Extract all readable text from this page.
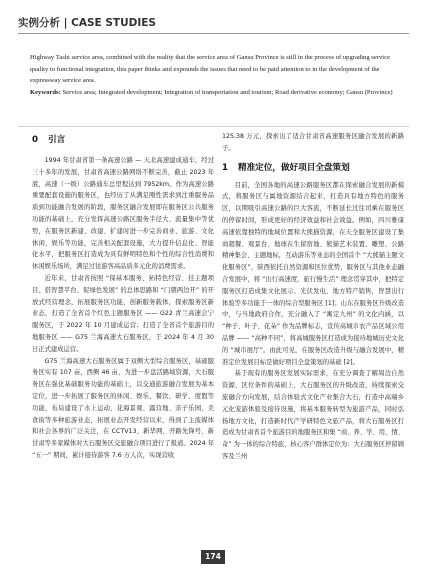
实例分析 | CASE STUDIES
Highway Tashi service area, combined with the reality that the service area of Gansu Province is still in the process of upgrading service quality to functional integration, this paper thinks and expounds the issues that need to be paid attention to in the development of the expressway service area.
Keywords: Service area; Integrated development; Integration of transportation and tourism; Road derivative economy; Gansu (Province)
0 引言

1994 年甘肃省第一条高速公路 — 天北高速建成通车，经过三十多年的发展，甘肃省高速公路网络不断完善，截止 2023 年底，高速（一级）公路通车总里程达到 7952km。作为高速公路重要配套设施的服务区，也经历了从满足刚性需求到注重服务品质到功能融合发展的阶段，服务区融合发展即在服务区公共服务功能的基础上，充分发挥高速公路区服务半径大、流量集中等优势，在服务区新建、改建、扩建时进一步完善商业、旅游、文化体闲、娱乐等功能，完善相关配套设施，大力提升信息化、智能化水平，把服务区打造成为具有鲜明特色和个性的综合性消费和休闲娱乐场所，满足过往游客高品质多元化的消费需求。

近年来，甘肃省按照 “保基本服务、拓特色经营、挂主题项目、搭智慧平台、促绿色发展” 的总体思路和 “门朝两边开” 的开放式经营理念，拓展服务区功能，创新服务载体，探索服务区新业态，打造了全省首个红色主题服务区 —— G22 青兰高速会宁服务区，于 2022 年 10 月建成运营；打造了全省首个旅游目的地服务区 —— G75 兰海高速大石服务区，于 2024 年 4 月 30 日正式建成运营。

G75 兰海高速大石服务区属于双侧大型综合服务区，基础服务区实有 107 亩，西侧 46 亩，为进一步盘活路域资源，大石服务区在强化基础服务功能的基础上，以交通旅游融合发展为基本定位，进一步拓展了服务区的休闲、娱乐、餐饮、研学、度假等功能，布局建设了水上运动、花海景观、露营地、亲子乐园、美食街等多种旅游业态，拓展业态开发经营以来，得到了主流媒体和社会各界的广泛关注，在 CCTV13、新华网、开路先锋号、新甘肃等多家媒体对大石服务区交旅融合项目进行了报道。2024 年 “五一” 期间，累计接待游客 7.6 万人次，实现营收

125.38 万元，探索出了适合甘肃省高速服务区融合发展的新路子。

1 精准定位，做好项目全盘策划

目前，全国各地的高速公路服务区都在探索融合发展的新模式，将服务区与属地资源结合起来，打造具有地方特色的服务区，以期吸引高速公路的巨大客流，不断延长过往司乘在服务区的停留时间，形成更好的经济效益和社会效益。例如，四川雅康高速依靠独特的地域位置和大熊猫资源，在天全服务区建设了集商超餐、观景台、地球在生留宿地、熊猫艺术装置、雕塑、公路精神集会、主题地标，互动游乐等业态的全国首个 “大熊猫主题文化服务区”，陕西依托自然资源和区位优势，服务区与其他业态融合发展中，将 “出行高速度，旅行慢生活” 理念贯穿其中，把特定服务区打造成集文化展示、光伏发电、地方特产销售，智慧出行体验等多功能于一体的综合型服务区 [1]；山东在服务区升级改造中，与当地政府合作，充分融入了 “寓定九州” 的文化内涵，以 “种子、叶子、花朵” 作为品牌标志，宣传高城市农产品区域公用品牌 —— “高种不同”，将高城服务区打造成为接待地城历史文化的 “城市展厅”。由此可见，在服务区改造升级与融合发展中，精准定位发展目标是做好项目全盘策划的基础 [2]。

基于现有的服务区发展实际需求，在充分调查了解周边自然资源、区位条件的基础上，大石服务区的升级改造，持续探索交旅融合方向发展，结合体验式文化产业集合大石，打造中高端乡元化宠游体验及接待设施，将基本服务转型为旅游产品，同时弘扬地方文化，打造新时代产学研特色文旅产品，将大石服务区打造成为甘肃省首个旅游目的地服务区和集 “商、养、学、用、情、奇” 为一体的综合特旅，核心客户群体定位为：大石服务区停留顾客及兰州

174
